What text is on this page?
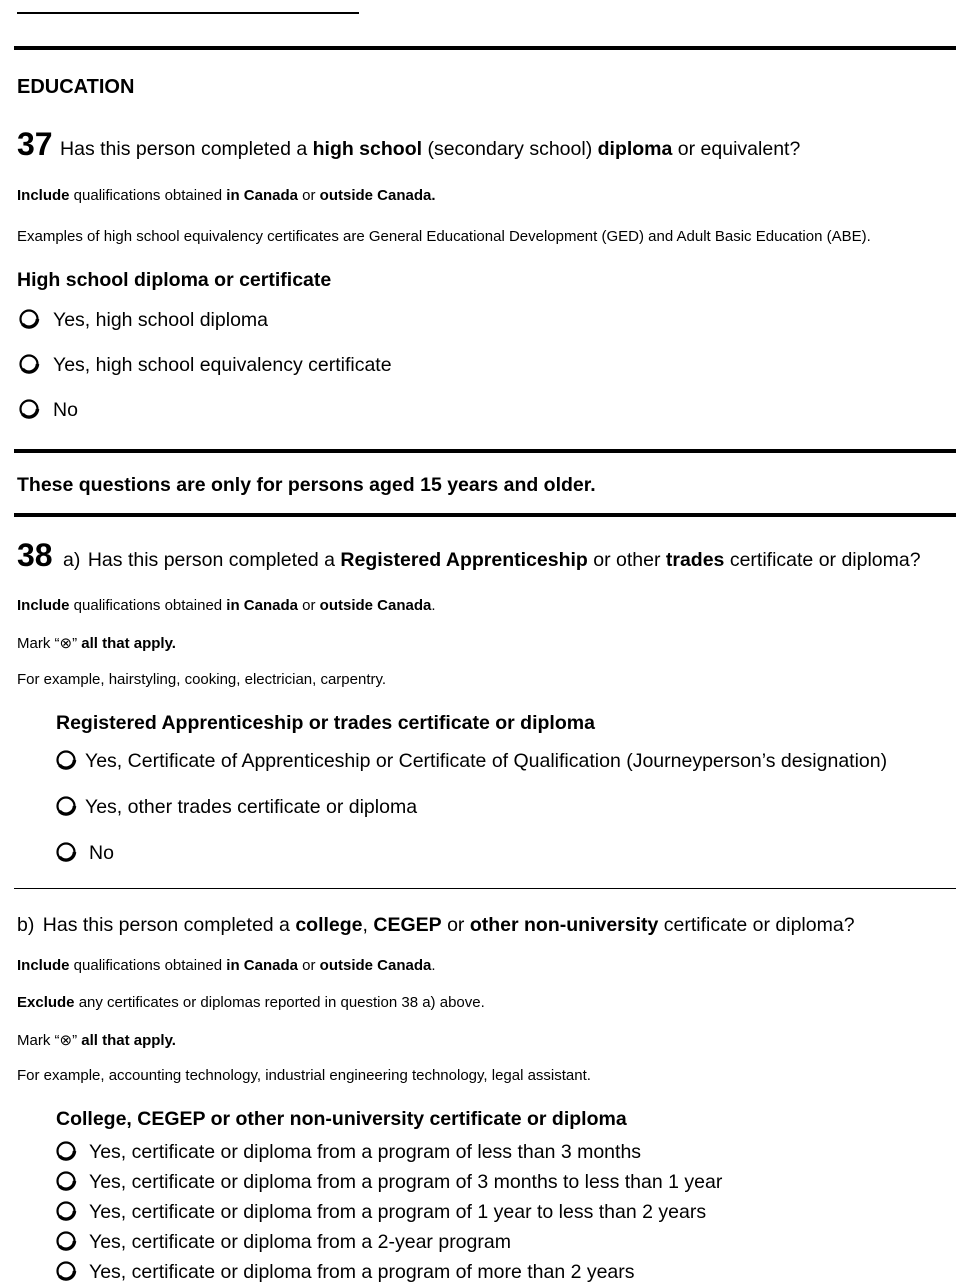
EDUCATION
37 Has this person completed a high school (secondary school) diploma or equivalent?
Include qualifications obtained in Canada or outside Canada.
Examples of high school equivalency certificates are General Educational Development (GED) and Adult Basic Education (ABE).
High school diploma or certificate
Yes, high school diploma
Yes, high school equivalency certificate
No
These questions are only for persons aged 15 years and older.
38 a) Has this person completed a Registered Apprenticeship or other trades certificate or diploma?
Include qualifications obtained in Canada or outside Canada.
Mark “⊗” all that apply.
For example, hairstyling, cooking, electrician, carpentry.
Registered Apprenticeship or trades certificate or diploma
Yes, Certificate of Apprenticeship or Certificate of Qualification (Journeyperson’s designation)
Yes, other trades certificate or diploma
No
b) Has this person completed a college, CEGEP or other non-university certificate or diploma?
Include qualifications obtained in Canada or outside Canada.
Exclude any certificates or diplomas reported in question 38 a) above.
Mark “⊗” all that apply.
For example, accounting technology, industrial engineering technology, legal assistant.
College, CEGEP or other non-university certificate or diploma
Yes, certificate or diploma from a program of less than 3 months
Yes, certificate or diploma from a program of 3 months to less than 1 year
Yes, certificate or diploma from a program of 1 year to less than 2 years
Yes, certificate or diploma from a 2-year program
Yes, certificate or diploma from a program of more than 2 years
